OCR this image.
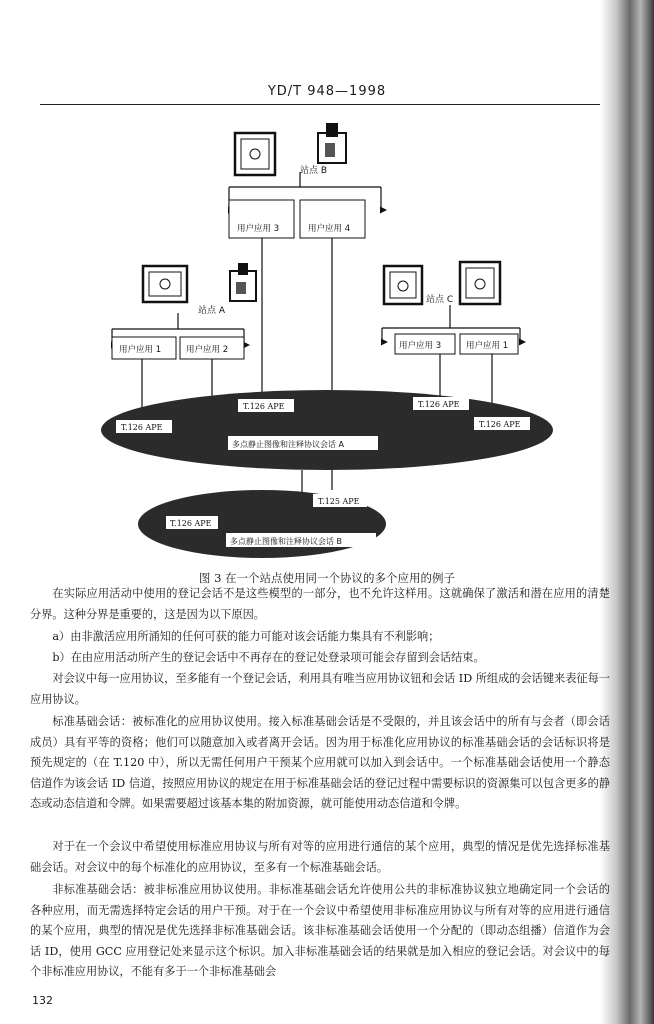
YD/T 948—1998
站点 B
用户应用 3	用户应用 4
站点 A
用户应用 1	用户应用 2
站点 C
用户应用 3	用户应用 1
T.126 APE	T.126 APE
T.126 APE	T.126 APE
多点静止图像和注释协议会话 A
T.125 APE
T.126 APE
多点静止图像和注释协议会话 B
图 3 在一个站点使用同一个协议的多个应用的例子

在实际应用活动中使用的登记会话不是这些模型的一部分，也不允许这样用。这就确保了激活和潜在应用的清楚分界。这种分界是重要的，这是因为以下原因。

a）由非激活应用所涌知的任何可获的能力可能对该会话能力集具有不利影响；

b）在由应用活动所产生的登记会话中不再存在的登记处登录项可能会存留到会话结束。

对会议中每一应用协议，至多能有一个登记会话，利用具有唯当应用协议钮和会话 ID 所组成的会话键来表征每一应用协议。

标准基础会话：被标准化的应用协议使用。接入标准基础会话是不受限的，并且该会话中的所有与会者（即会话成员）具有平等的资格；他们可以随意加入或者离开会话。因为用于标准化应用协议的标准基础会话的会话标识将是预先规定的（在 T.120 中），所以无需任何用户干预某个应用就可以加入到会话中。一个标准基础会话使用一个静态信道作为该会话 ID 信道，按照应用协议的规定在用于标准基础会话的登记过程中需要标识的资源集可以包含更多的静态或动态信道和令牌。如果需要超过该基本集的附加资源，就可能使用动态信道和令牌。

对于在一个会议中希望使用标准应用协议与所有对等的应用进行通信的某个应用，典型的情况是优先选择标准基础会话。对会议中的每个标准化的应用协议，至多有一个标准基础会话。

非标准基础会话：被非标准应用协议使用。非标准基础会话允许使用公共的非标准协议独立地确定同一个会话的各种应用，而无需选择特定会话的用户干预。对于在一个会议中希望使用非标准应用协议与所有对等的应用进行通信的某个应用，典型的情况是优先选择非标准基础会话。该非标准基础会话使用一个分配的（即动态组播）信道作为会话 ID，使用 GCC 应用登记处来显示这个标识。加入非标准基础会话的结果就是加入相应的登记会话。对会议中的每个非标准应用协议，不能有多于一个非标准基础会

132
